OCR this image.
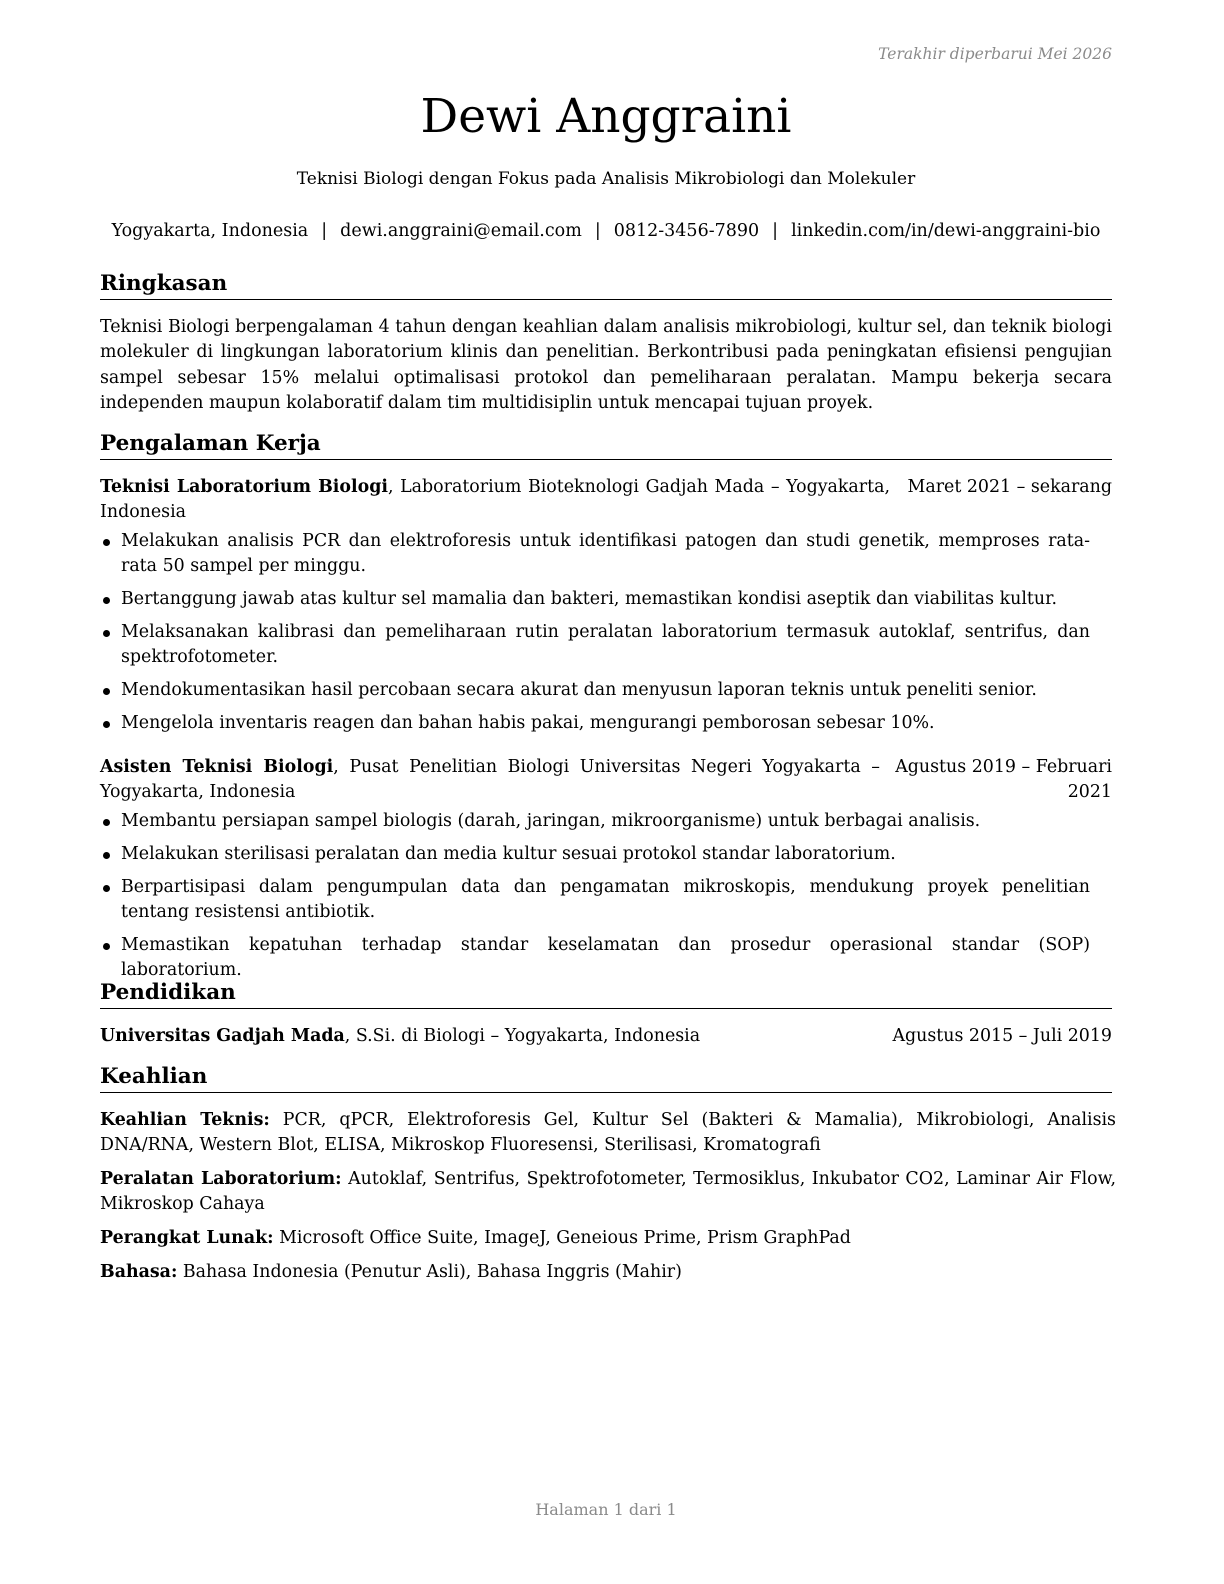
Terakhir diperbarui Mei 2026
Dewi Anggraini
Teknisi Biologi dengan Fokus pada Analisis Mikrobiologi dan Molekuler
Yogyakarta, Indonesia | dewi.anggraini@email.com | 0812-3456-7890 | linkedin.com/in/dewi-anggraini-bio
Ringkasan

Teknisi Biologi berpengalaman 4 tahun dengan keahlian dalam analisis mikrobiologi, kultur sel, dan teknik biologi molekuler di lingkungan laboratorium klinis dan penelitian. Berkontribusi pada peningkatan efisiensi pengujian sampel sebesar 15% melalui optimalisasi protokol dan pemeliharaan peralatan. Mampu bekerja secara independen maupun kolaboratif dalam tim multidisiplin untuk mencapai tujuan proyek.

Pengalaman Kerja
Teknisi Laboratorium Biologi, Laboratorium Bioteknologi Gadjah Mada – Yogyakarta, Indonesia
Maret 2021 – sekarang
Melakukan analisis PCR dan elektroforesis untuk identifikasi patogen dan studi genetik, memproses rata-rata 50 sampel per minggu.
Bertanggung jawab atas kultur sel mamalia dan bakteri, memastikan kondisi aseptik dan viabilitas kultur.
Melaksanakan kalibrasi dan pemeliharaan rutin peralatan laboratorium termasuk autoklaf, sentrifus, dan spektrofotometer.
Mendokumentasikan hasil percobaan secara akurat dan menyusun laporan teknis untuk peneliti senior.
Mengelola inventaris reagen dan bahan habis pakai, mengurangi pemborosan sebesar 10%.
Asisten Teknisi Biologi, Pusat Penelitian Biologi Universitas Negeri Yogyakarta – Yogyakarta, Indonesia
Agustus 2019 – Februari 2021
Membantu persiapan sampel biologis (darah, jaringan, mikroorganisme) untuk berbagai analisis.
Melakukan sterilisasi peralatan dan media kultur sesuai protokol standar laboratorium.
Berpartisipasi dalam pengumpulan data dan pengamatan mikroskopis, mendukung proyek penelitian tentang resistensi antibiotik.
Memastikan kepatuhan terhadap standar keselamatan dan prosedur operasional standar (SOP) laboratorium.
Pendidikan
Universitas Gadjah Mada, S.Si. di Biologi – Yogyakarta, Indonesia	Agustus 2015 – Juli 2019
Keahlian

Keahlian Teknis: PCR, qPCR, Elektroforesis Gel, Kultur Sel (Bakteri & Mamalia), Mikrobiologi, Analisis DNA/RNA, Western Blot, ELISA, Mikroskop Fluoresensi, Sterilisasi, Kromatografi

Peralatan Laboratorium: Autoklaf, Sentrifus, Spektrofotometer, Termosiklus, Inkubator CO2, Laminar Air Flow, Mikroskop Cahaya

Perangkat Lunak: Microsoft Office Suite, ImageJ, Geneious Prime, Prism GraphPad

Bahasa: Bahasa Indonesia (Penutur Asli), Bahasa Inggris (Mahir)

Halaman 1 dari 1
